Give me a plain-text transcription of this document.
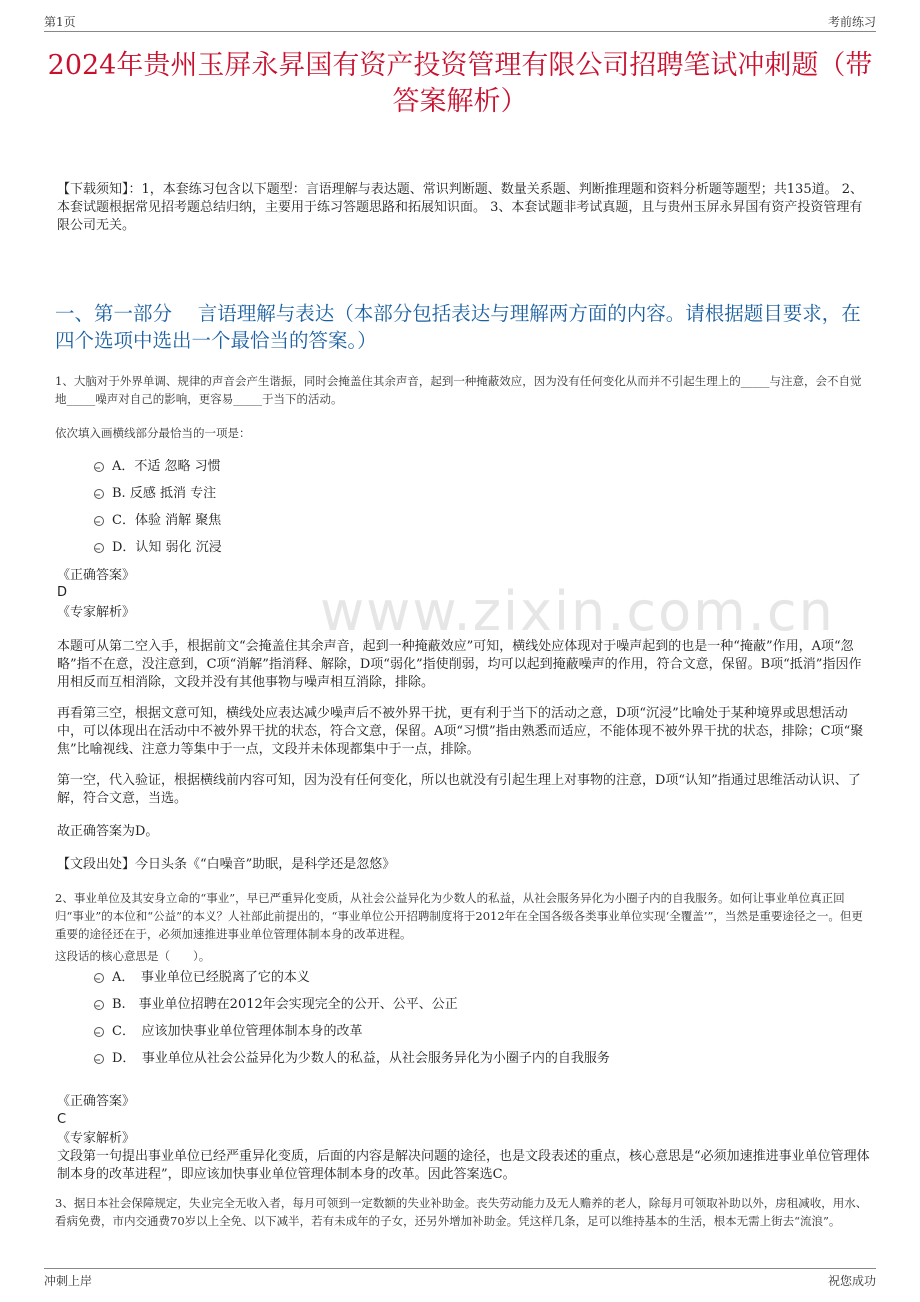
第1页	考前练习
www.zixin.com.cn
2024年贵州玉屏永昇国有资产投资管理有限公司招聘笔试冲刺题（带答案解析）
【下载须知】：1，本套练习包含以下题型：言语理解与表达题、常识判断题、数量关系题、判断推理题和资料分析题等题型；共135道。 2、本套试题根据常见招考题总结归纳，主要用于练习答题思路和拓展知识面。 3、本套试题非考试真题，且与贵州玉屏永昇国有资产投资管理有限公司无关。
一、第一部分　 言语理解与表达（本部分包括表达与理解两方面的内容。请根据题目要求，在四个选项中选出一个最恰当的答案。）
1、大脑对于外界单调、规律的声音会产生谐振，同时会掩盖住其余声音，起到一种掩蔽效应，因为没有任何变化从而并不引起生理上的_____与注意，会不自觉地_____噪声对自己的影响，更容易_____于当下的活动。
依次填入画横线部分最恰当的一项是：
A．不适 忽略 习惯
B. 反感 抵消 专注
C．体验 消解 聚焦
D．认知 弱化 沉浸
《正确答案》
D
《专家解析》
本题可从第二空入手，根据前文“会掩盖住其余声音，起到一种掩蔽效应”可知，横线处应体现对于噪声起到的也是一种“掩蔽”作用，A项“忽略”指不在意，没注意到，C项“消解”指消释、解除，D项“弱化”指使削弱，均可以起到掩蔽噪声的作用，符合文意，保留。B项“抵消”指因作用相反而互相消除，文段并没有其他事物与噪声相互消除，排除。
再看第三空，根据文意可知，横线处应表达减少噪声后不被外界干扰，更有利于当下的活动之意，D项“沉浸”比喻处于某种境界或思想活动中，可以体现出在活动中不被外界干扰的状态，符合文意，保留。A项“习惯”指由熟悉而适应，不能体现不被外界干扰的状态，排除；C项“聚焦”比喻视线、注意力等集中于一点，文段并未体现都集中于一点，排除。
第一空，代入验证，根据横线前内容可知，因为没有任何变化，所以也就没有引起生理上对事物的注意，D项“认知”指通过思维活动认识、了解，符合文意，当选。
故正确答案为D。
【文段出处】今日头条《“白噪音”助眠，是科学还是忽悠》
2、事业单位及其安身立命的“事业”，早已严重异化变质，从社会公益异化为少数人的私益，从社会服务异化为小圈子内的自我服务。如何让事业单位真正回归“事业”的本位和“公益”的本义？人社部此前提出的，“事业单位公开招聘制度将于2012年在全国各级各类事业单位实现‘全覆盖’”，当然是重要途径之一。但更重要的途径还在于，必须加速推进事业单位管理体制本身的改革进程。
这段话的核心意思是（　　）。
A．　事业单位已经脱离了它的本义
B.　事业单位招聘在2012年会实现完全的公开、公平、公正
C．　应该加快事业单位管理体制本身的改革
D．　事业单位从社会公益异化为少数人的私益，从社会服务异化为小圈子内的自我服务
《正确答案》
C
《专家解析》
文段第一句提出事业单位已经严重异化变质，后面的内容是解决问题的途径，也是文段表述的重点，核心意思是“必须加速推进事业单位管理体制本身的改革进程”，即应该加快事业单位管理体制本身的改革。因此答案选C。
3、据日本社会保障规定，失业完全无收入者，每月可领到一定数额的失业补助金。丧失劳动能力及无人赡养的老人，除每月可领取补助以外，房租减收，用水、看病免费，市内交通费70岁以上全免、以下减半，若有未成年的子女，还另外增加补助金。凭这样几条，足可以维持基本的生活，根本无需上街去“流浪”。
冲刺上岸	祝您成功
